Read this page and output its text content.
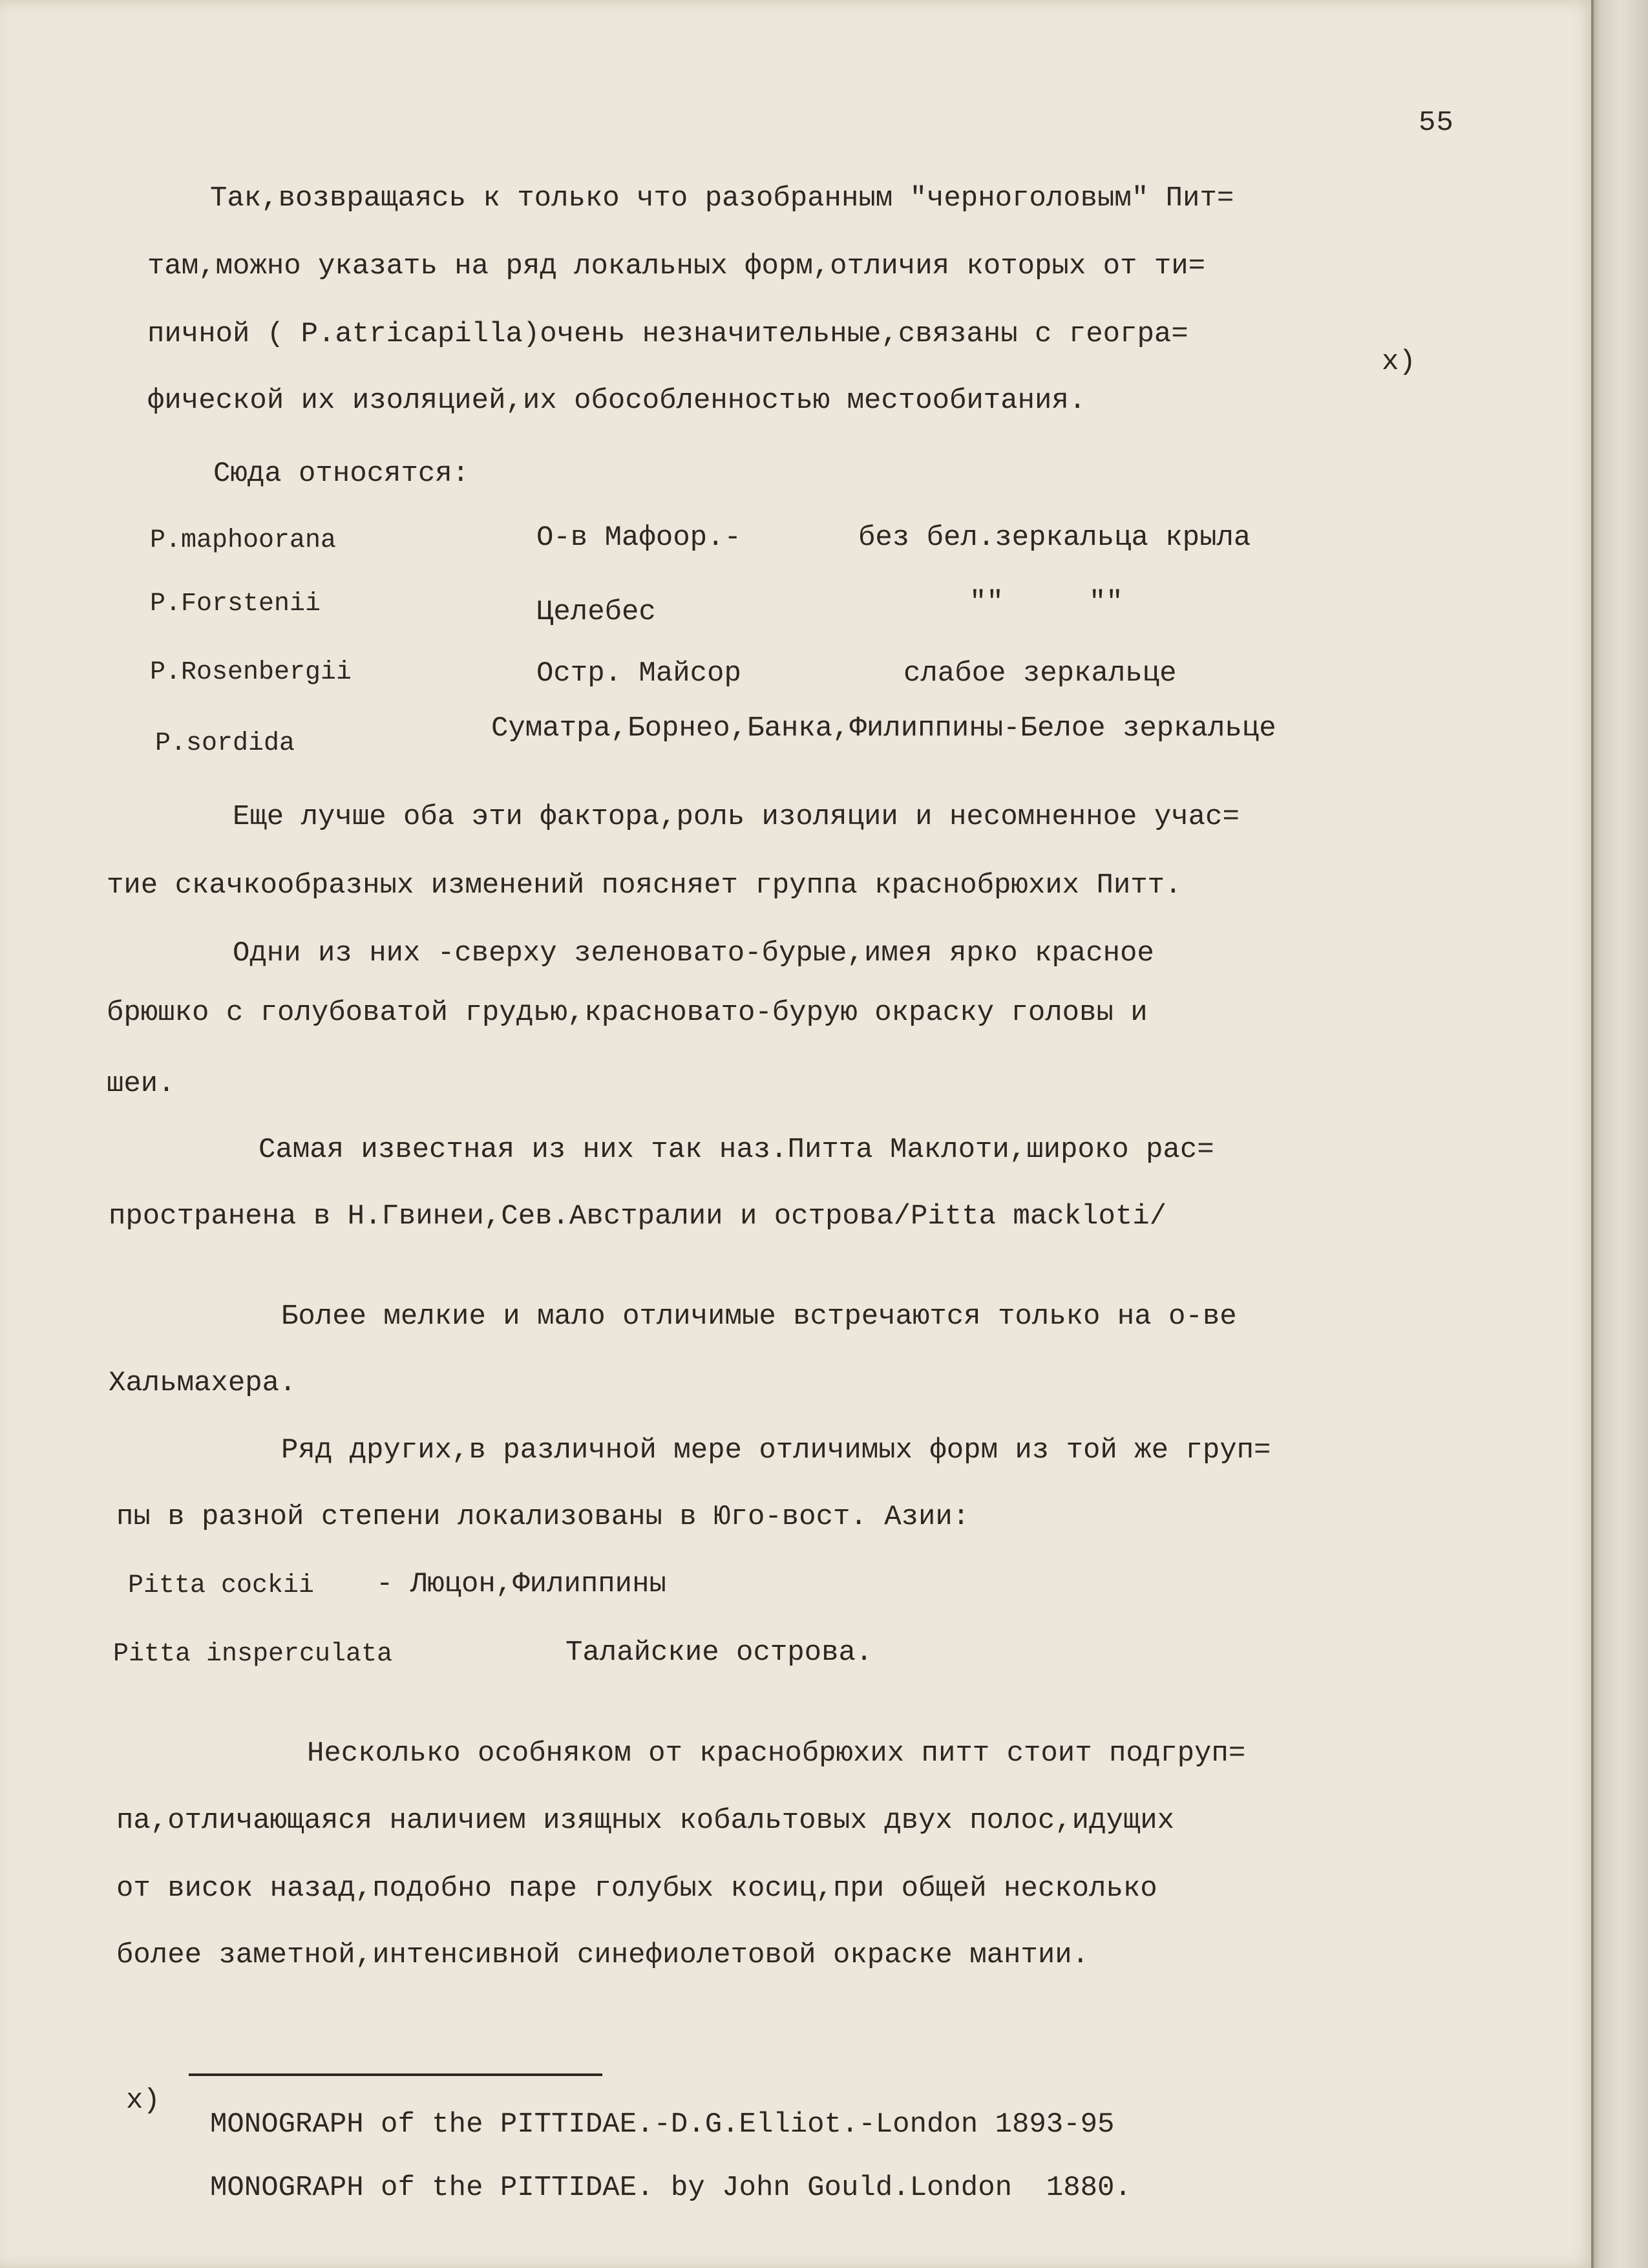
55
Так,возвращаясь к только что разобранным "черноголовым" Пит=
там,можно указать на ряд локальных форм,отличия которых от ти=
пичной ( P.atricapilla)очень незначительные,связаны с геогра=
x)
фической их изоляцией,их обособленностью местообитания.
Сюда относятся:
P.maphoorana	О-в Мафоор.-	без бел.зеркальца крыла
P.Forstenii	Целебес	""     ""
P.Rosenbergii	Остр. Майсор	слабое зеркальце
P.sordida	Суматра,Борнео,Банка,Филиппины-Белое зеркальце
Еще лучше оба эти фактора,роль изоляции и несомненное учас=
тие скачкообразных изменений поясняет группа краснобрюхих Питт.
Одни из них -сверху зеленовато-бурые,имея ярко красное
брюшко с голубоватой грудью,красновато-бурую окраску головы и
шеи.
Самая известная из них так наз.Питта Маклоти,широко рас=
пространена в Н.Гвинеи,Сев.Австралии и острова/Pitta mackloti/
Более мелкие и мало отличимые встречаются только на о-ве
Хальмахера.
Ряд других,в различной мере отличимых форм из той же груп=
пы в разной степени локализованы в Юго-вост. Азии:
Pitta cockii - Люцон,Филиппины
Pitta insperculata	Талайские острова.
Несколько особняком от краснобрюхих питт стоит подгруп=
па,отличающаяся наличием изящных кобальтовых двух полос,идущих
от висок назад,подобно паре голубых косиц,при общей несколько
более заметной,интенсивной синефиолетовой окраске мантии.
x)
MONOGRAPH of the PITTIDAE.-D.G.Elliot.-London 1893-95
MONOGRAPH of the PITTIDAE. by John Gould.London  1880.
